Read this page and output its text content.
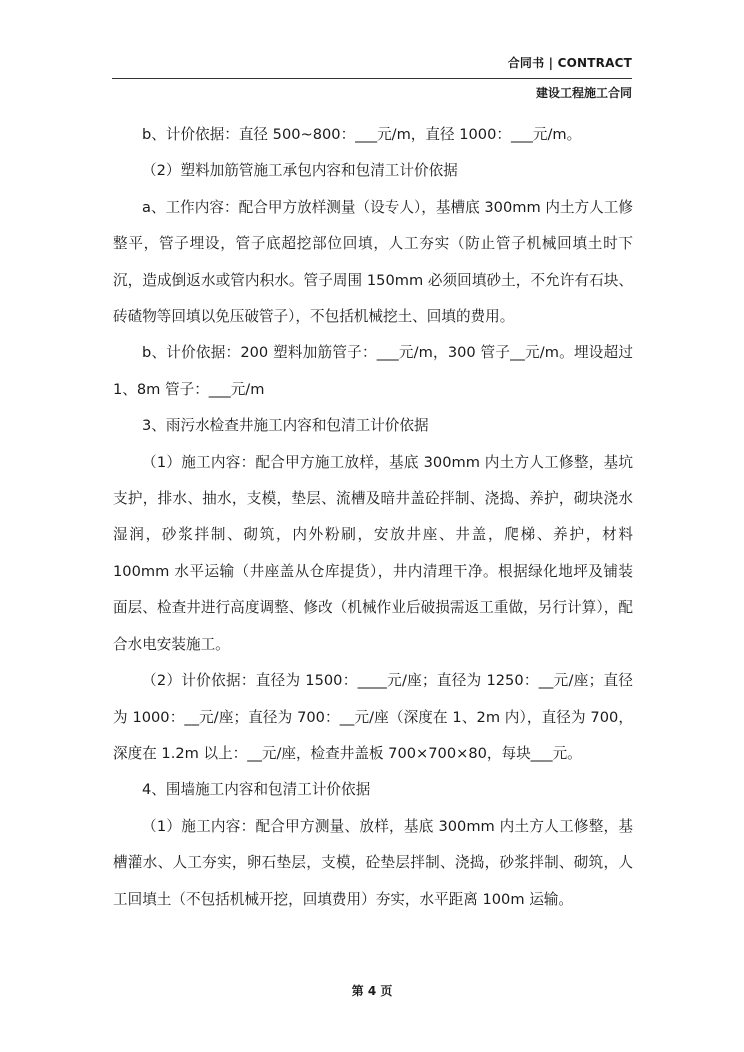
合同书 | CONTRACT
建设工程施工合同

b、计价依据：直径 500~800：___元/m，直径 1000：___元/m。

（2）塑料加筋管施工承包内容和包清工计价依据

a、工作内容：配合甲方放样测量（设专人），基槽底 300mm 内土方人工修整平，管子埋设，管子底超挖部位回填，人工夯实（防止管子机械回填土时下沉，造成倒返水或管内积水。管子周围 150mm 必须回填砂土，不允许有石块、砖碴物等回填以免压破管子），不包括机械挖土、回填的费用。

b、计价依据：200 塑料加筋管子：___元/m，300 管子__元/m。埋设超过 1、8m 管子：___元/m

3、雨污水检查井施工内容和包清工计价依据

（1）施工内容：配合甲方施工放样，基底 300mm 内土方人工修整，基坑支护，排水、抽水，支模，垫层、流槽及暗井盖砼拌制、浇捣、养护，砌块浇水湿润，砂浆拌制、砌筑，内外粉刷，安放井座、井盖，爬梯、养护，材料 100mm 水平运输（井座盖从仓库提货），井内清理干净。根据绿化地坪及铺装面层、检查井进行高度调整、修改（机械作业后破损需返工重做，另行计算），配合水电安装施工。

（2）计价依据：直径为 1500：____元/座；直径为 1250：__元/座；直径为 1000：__元/座；直径为 700：__元/座（深度在 1、2m 内），直径为 700，深度在 1.2m 以上：__元/座，检查井盖板 700×700×80，每块___元。

4、围墙施工内容和包清工计价依据

（1）施工内容：配合甲方测量、放样，基底 300mm 内土方人工修整，基槽灌水、人工夯实，卵石垫层，支模，砼垫层拌制、浇捣，砂浆拌制、砌筑，人工回填土（不包括机械开挖，回填费用）夯实，水平距离 100m 运输。

第 4 页
